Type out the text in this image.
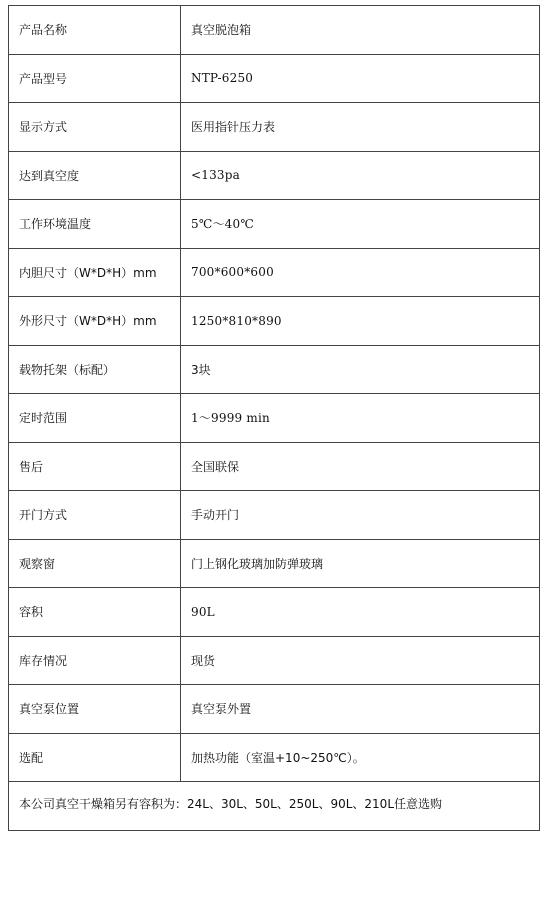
产品名称	真空脱泡箱
产品型号	NTP-6250
显示方式	医用指针压力表
达到真空度	<133pa
工作环境温度	5℃～40℃
内胆尺寸（W*D*H）mm	700*600*600
外形尺寸（W*D*H）mm	1250*810*890
载物托架（标配）	3块
定时范围	1～9999 min
售后	全国联保
开门方式	手动开门
观察窗	门上钢化玻璃加防弹玻璃
容积	90L
库存情况	现货
真空泵位置	真空泵外置
选配	加热功能（室温+10~250℃）。

本公司真空干燥箱另有容积为：24L、30L、50L、250L、90L、210L任意选购	
